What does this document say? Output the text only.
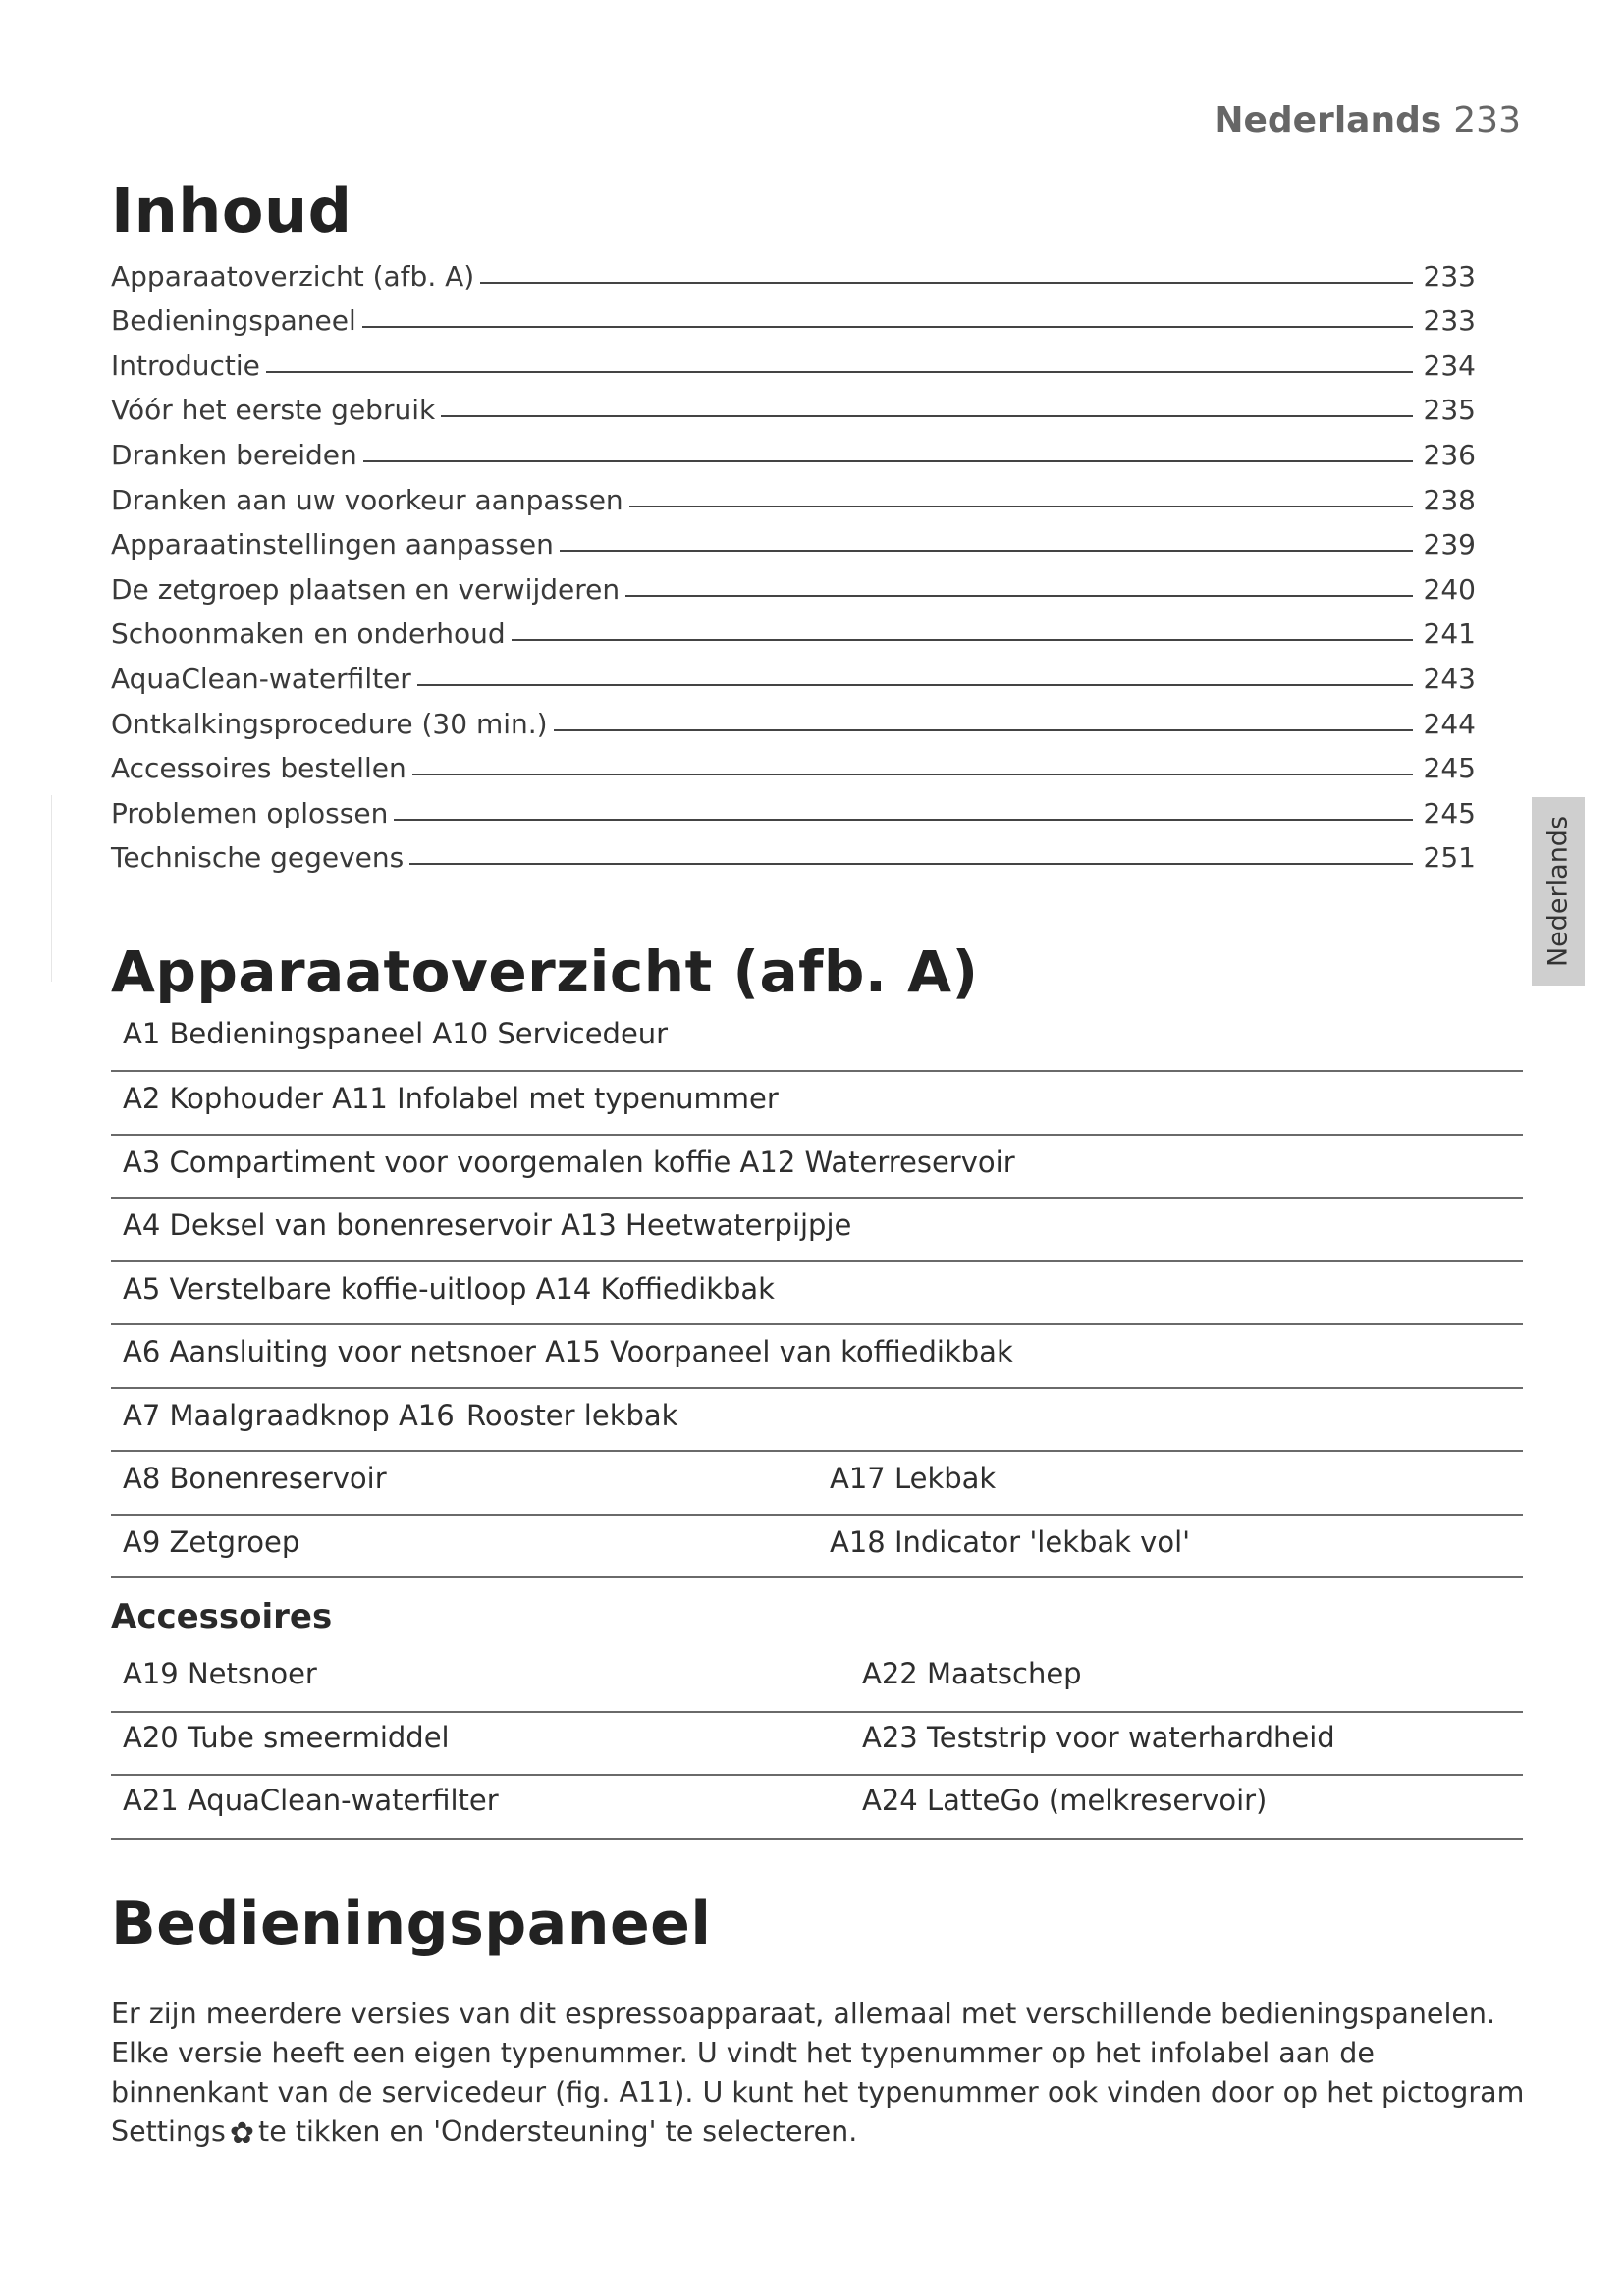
Nederlands 233
Nederlands
Inhoud
Apparaatoverzicht (afb. A)	233
Bedieningspaneel	233
Introductie	234
Vóór het eerste gebruik	235
Dranken bereiden	236
Dranken aan uw voorkeur aanpassen	238
Apparaatinstellingen aanpassen	239
De zetgroep plaatsen en verwijderen	240
Schoonmaken en onderhoud	241
AquaClean-waterfilter	243
Ontkalkingsprocedure (30 min.)	244
Accessoires bestellen	245
Problemen oplossen	245
Technische gegevens	251
Apparaatoverzicht (afb. A)
A1 Bedieningspaneel A10 Servicedeur
A2 Kophouder A11 Infolabel met typenummer
A3 Compartiment voor voorgemalen koffie A12 Waterreservoir
A4 Deksel van bonenreservoir A13 Heetwaterpijpje
A5 Verstelbare koffie-uitloop A14 Koffiedikbak
A6 Aansluiting voor netsnoer A15 Voorpaneel van koffiedikbak
A7 Maalgraadknop A16 Rooster lekbak
A8 Bonenreservoir	A17 Lekbak
A9 Zetgroep	A18 Indicator 'lekbak vol'
Accessoires
A19 Netsnoer	A22 Maatschep
A20 Tube smeermiddel	A23 Teststrip voor waterhardheid
A21 AquaClean-waterfilter	A24 LatteGo (melkreservoir)
Bedieningspaneel

Er zijn meerdere versies van dit espressoapparaat, allemaal met verschillende bedieningspanelen. Elke versie heeft een eigen typenummer. U vindt het typenummer op het infolabel aan de binnenkant van de servicedeur (fig. A11). U kunt het typenummer ook vinden door op het pictogram Settings ✿ te tikken en 'Ondersteuning' te selecteren.
